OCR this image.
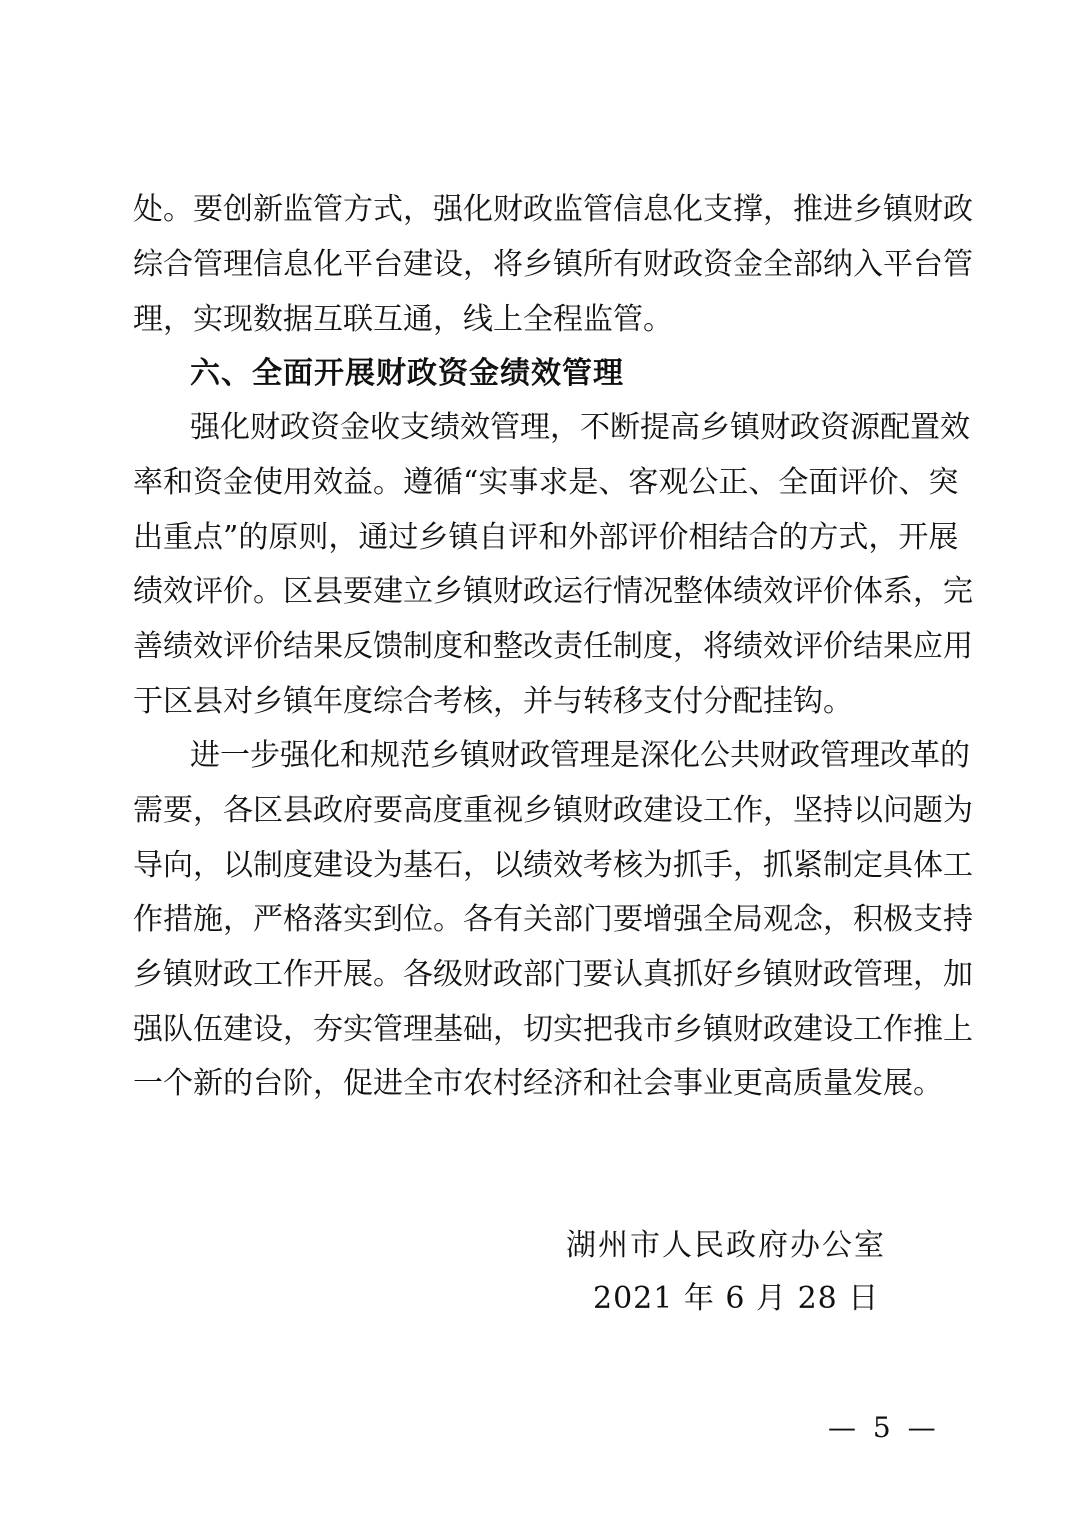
处。要创新监管方式，强化财政监管信息化支撑，推进乡镇财政
综合管理信息化平台建设，将乡镇所有财政资金全部纳入平台管
理，实现数据互联互通，线上全程监管。
六、全面开展财政资金绩效管理
强化财政资金收支绩效管理，不断提高乡镇财政资源配置效
率和资金使用效益。遵循“实事求是、客观公正、全面评价、突
出重点”的原则，通过乡镇自评和外部评价相结合的方式，开展
绩效评价。区县要建立乡镇财政运行情况整体绩效评价体系，完
善绩效评价结果反馈制度和整改责任制度，将绩效评价结果应用
于区县对乡镇年度综合考核，并与转移支付分配挂钩。
进一步强化和规范乡镇财政管理是深化公共财政管理改革的
需要，各区县政府要高度重视乡镇财政建设工作，坚持以问题为
导向，以制度建设为基石，以绩效考核为抓手，抓紧制定具体工
作措施，严格落实到位。各有关部门要增强全局观念，积极支持
乡镇财政工作开展。各级财政部门要认真抓好乡镇财政管理，加
强队伍建设，夯实管理基础，切实把我市乡镇财政建设工作推上
一个新的台阶，促进全市农村经济和社会事业更高质量发展。
湖州市人民政府办公室
2021 年 6 月 28 日
— 5 —
